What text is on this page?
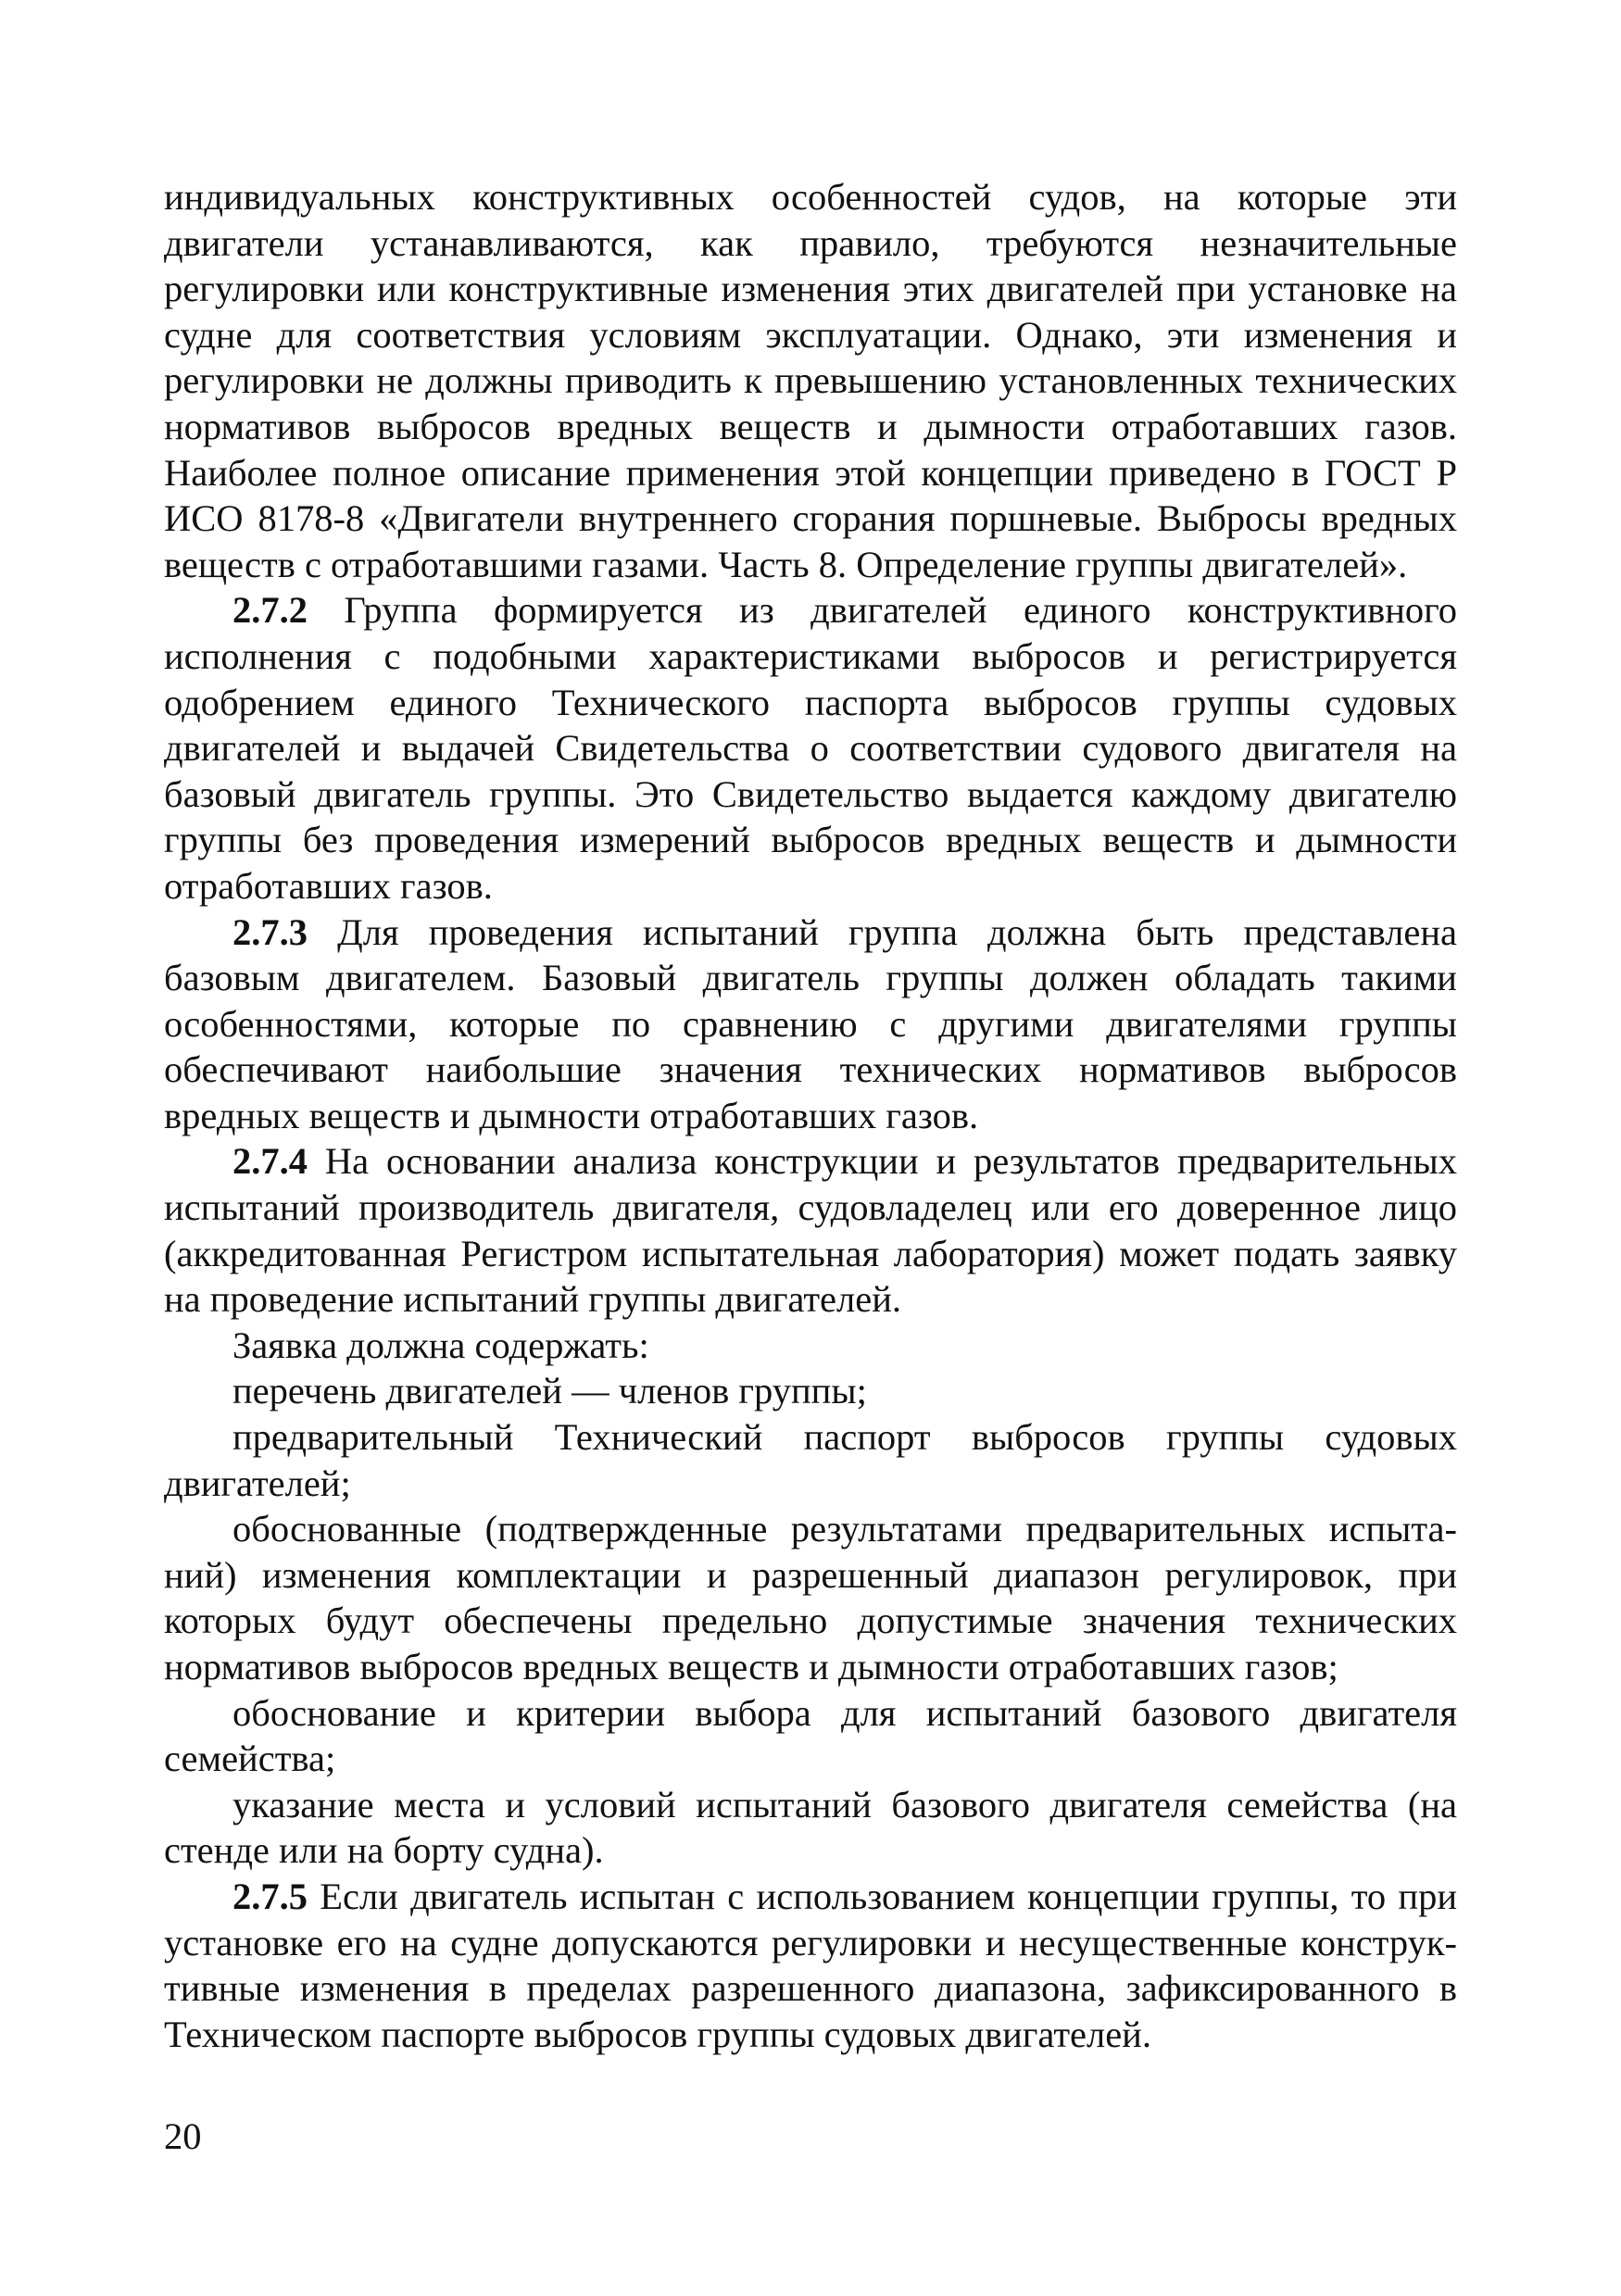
индивидуальных конструктивных особенностей судов, на которые эти двигатели устанавливаются, как правило, требуются незначительные регулировки или конструктивные изменения этих двигателей при установке на судне для соответствия условиям эксплуатации. Однако, эти изменения и регулировки не должны приводить к превышению установленных технических нормативов выбросов вредных веществ и дымности отработавших газов. Наиболее полное описание применения этой концепции приведено в ГОСТ Р ИСО 8178-8 «Двигатели внутреннего сгорания поршневые. Выбросы вредных веществ с отработавшими газами. Часть 8. Определение группы двигателей».

2.7.2 Группа формируется из двигателей единого конструктивного исполнения с подобными характеристиками выбросов и регистрируется одобрением единого Технического паспорта выбросов группы судовых двигателей и выдачей Свидетельства о соответствии судового двигателя на базовый двигатель группы. Это Свидетельство выдается каждому двигателю группы без проведения измерений выбросов вредных веществ и дымности отработавших газов.

2.7.3 Для проведения испытаний группа должна быть представлена базовым двигателем. Базовый двигатель группы должен обладать такими особенностями, которые по сравнению с другими двигателями группы обеспечивают наибольшие значения технических нормативов выбросов вредных веществ и дымности отработавших газов.

2.7.4 На основании анализа конструкции и результатов предварительных испытаний производитель двигателя, судовладелец или его доверенное лицо (аккредитованная Регистром испытательная лаборатория) может подать заявку на проведение испытаний группы двигателей.

Заявка должна содержать:

перечень двигателей — членов группы;

предварительный Технический паспорт выбросов группы судовых двигателей;

обоснованные (подтвержденные результатами предварительных испытаний) изменения комплектации и разрешенный диапазон регулировок, при которых будут обеспечены предельно допустимые значения технических нормативов выбросов вредных веществ и дымности отработавших газов;

обоснование и критерии выбора для испытаний базового двигателя семейства;

указание места и условий испытаний базового двигателя семейства (на стенде или на борту судна).

2.7.5 Если двигатель испытан с использованием концепции группы, то при установке его на судне допускаются регулировки и несущественные конструктивные изменения в пределах разрешенного диапазона, зафиксированного в Техническом паспорте выбросов группы судовых двигателей.

20
